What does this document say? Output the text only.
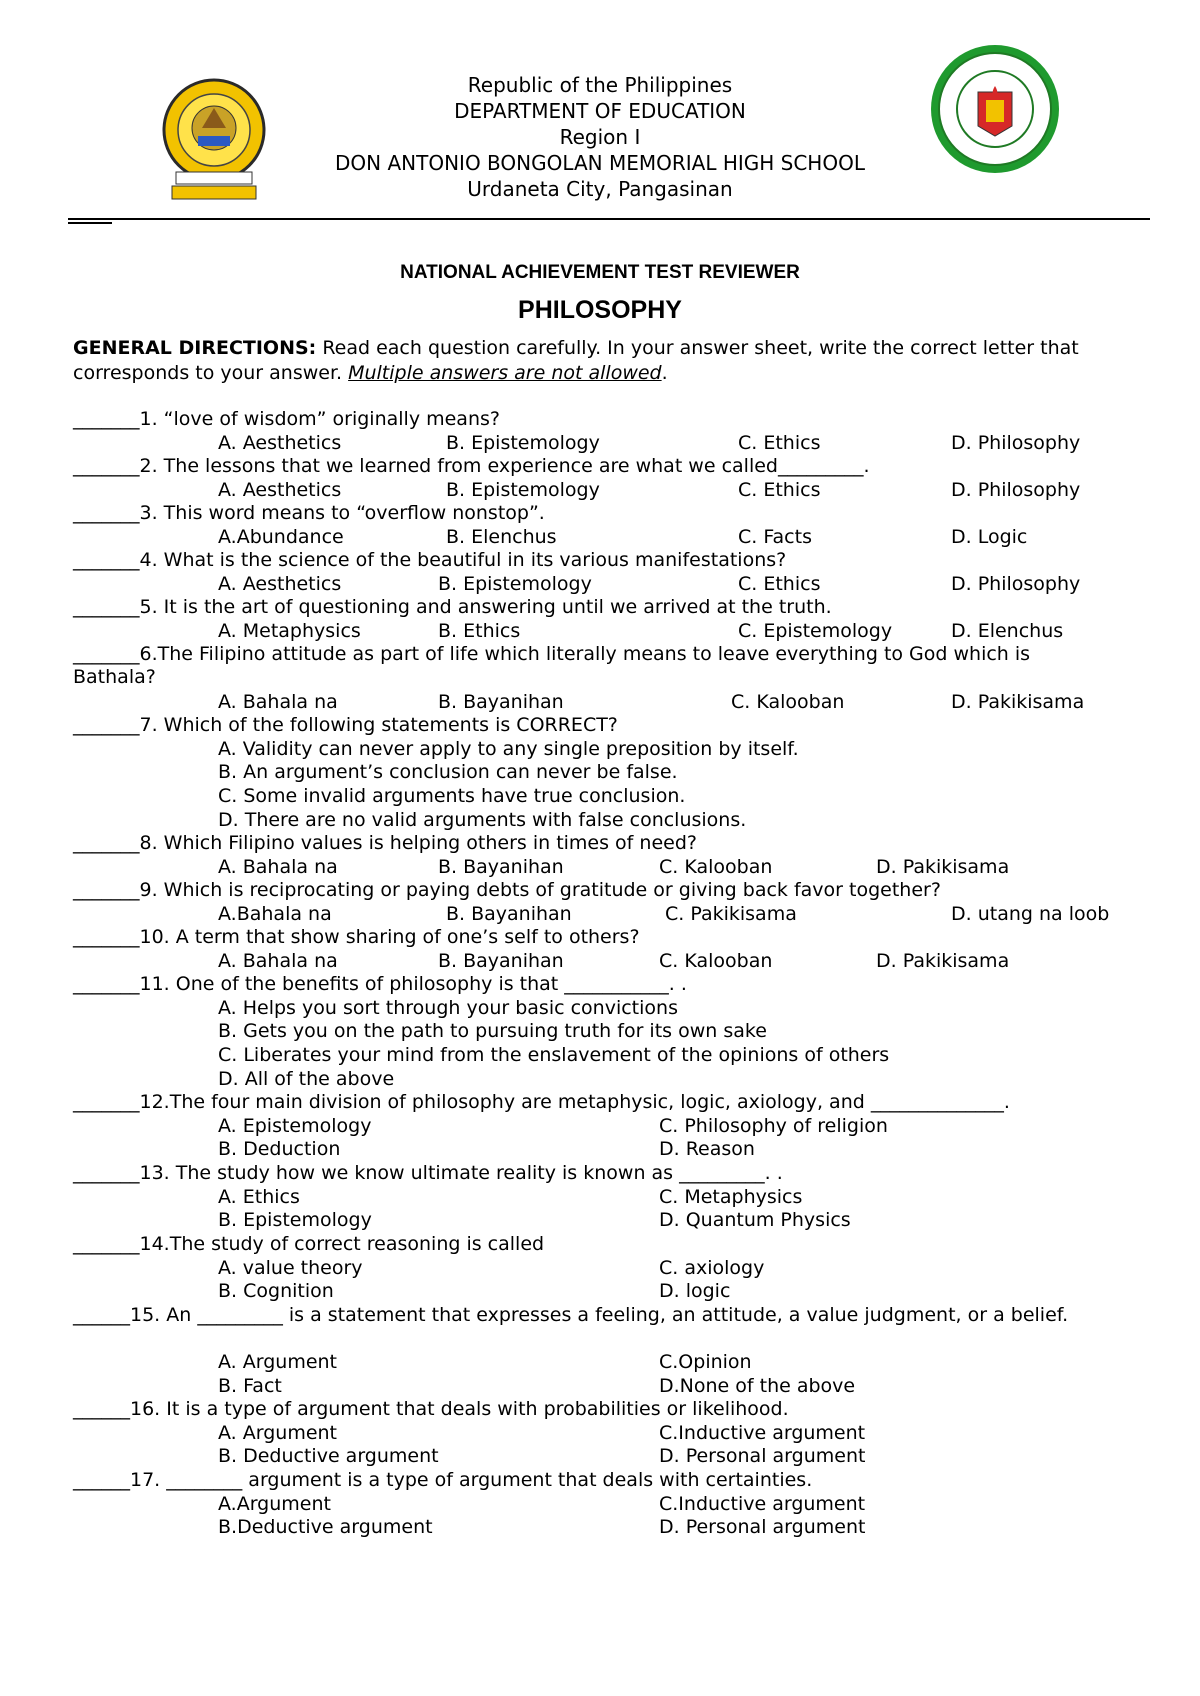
Republic of the Philippines
DEPARTMENT OF EDUCATION
Region I
DON ANTONIO BONGOLAN MEMORIAL HIGH SCHOOL
Urdaneta City, Pangasinan
NATIONAL ACHIEVEMENT TEST REVIEWER
PHILOSOPHY
GENERAL DIRECTIONS: Read each question carefully. In your answer sheet, write the correct letter that corresponds to your answer. Multiple answers are not allowed.
_______1. “love of wisdom” originally means?
A. Aesthetics	B. Epistemology	C. Ethics	D. Philosophy
_______2. The lessons that we learned from experience are what we called_________.
A. Aesthetics	B. Epistemology	C. Ethics	D. Philosophy
_______3. This word means to “overflow nonstop”.
A.Abundance	B. Elenchus	C. Facts	D. Logic
_______4. What is the science of the beautiful in its various manifestations?
A. Aesthetics	B. Epistemology	C. Ethics	D. Philosophy
_______5. It is the art of questioning and answering until we arrived at the truth.
A. Metaphysics	B. Ethics	C. Epistemology	D. Elenchus
_______6.The Filipino attitude as part of life which literally means to leave everything to God which is Bathala?
A. Bahala na	B. Bayanihan	C. Kalooban	D. Pakikisama
_______7. Which of the following statements is CORRECT?
A. Validity can never apply to any single preposition by itself.
B. An argument’s conclusion can never be false.
C. Some invalid arguments have true conclusion.
D. There are no valid arguments with false conclusions.
_______8. Which Filipino values is helping others in times of need?
A. Bahala na	B. Bayanihan	C. Kalooban	D. Pakikisama
_______9. Which is reciprocating or paying debts of gratitude or giving back favor together?
A.Bahala na	B. Bayanihan	C. Pakikisama	D. utang na loob
_______10. A term that show sharing of one’s self to others?
A. Bahala na	B. Bayanihan	C. Kalooban	D. Pakikisama
_______11. One of the benefits of philosophy is that ___________. .
A. Helps you sort through your basic convictions
B. Gets you on the path to pursuing truth for its own sake
C. Liberates your mind from the enslavement of the opinions of others
D. All of the above
_______12.The four main division of philosophy are metaphysic, logic, axiology, and ______________.
A. Epistemology	C. Philosophy of religion
B. Deduction	D. Reason
_______13. The study how we know ultimate reality is known as _________. .
A. Ethics	C. Metaphysics
B. Epistemology	D. Quantum Physics
_______14.The study of correct reasoning is called
A. value theory	C. axiology
B. Cognition	D. logic
______15. An _________ is a statement that expresses a feeling, an attitude, a value judgment, or a belief.
A. Argument	C.Opinion
B. Fact	D.None of the above
______16. It is a type of argument that deals with probabilities or likelihood.
A. Argument	C.Inductive argument
B. Deductive argument	D. Personal argument
______17. ________ argument is a type of argument that deals with certainties.
A.Argument	C.Inductive argument
B.Deductive argument	D. Personal argument
